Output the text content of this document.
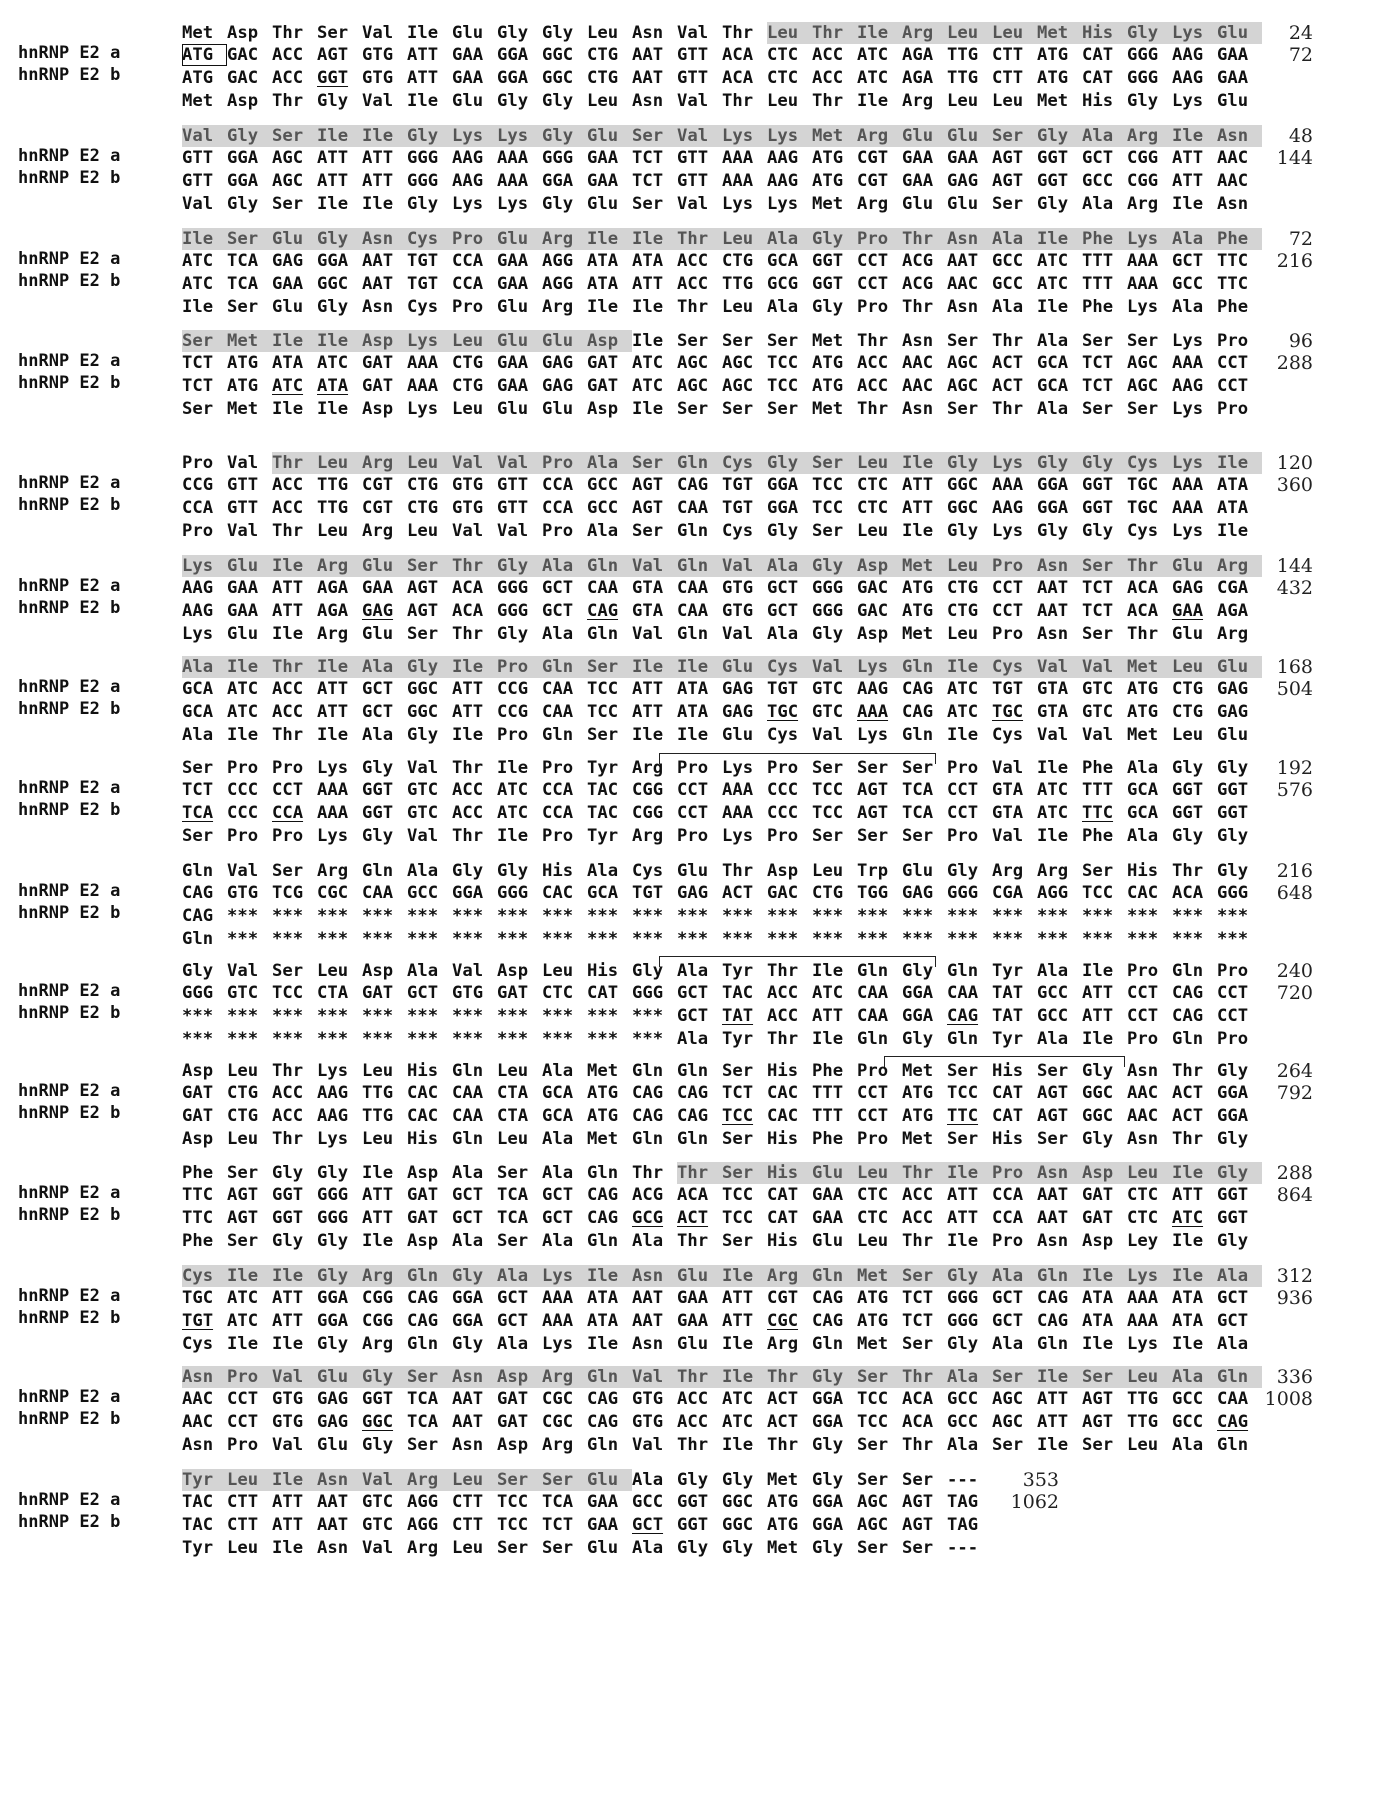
hnRNP E2 a
hnRNP E2 b
Met Asp Thr Ser Val Ile Glu Gly Gly Leu Asn Val Thr Leu Thr Ile Arg Leu Leu Met His Gly Lys Glu
ATG GAC ACC AGT GTG ATT GAA GGA GGC CTG AAT GTT ACA CTC ACC ATC AGA TTG CTT ATG CAT GGG AAG GAA
ATG GAC ACC GGT GTG ATT GAA GGA GGC CTG AAT GTT ACA CTC ACC ATC AGA TTG CTT ATG CAT GGG AAG GAA
Met Asp Thr Gly Val Ile Glu Gly Gly Leu Asn Val Thr Leu Thr Ile Arg Leu Leu Met His Gly Lys Glu
24
72
hnRNP E2 a
hnRNP E2 b
Val Gly Ser Ile Ile Gly Lys Lys Gly Glu Ser Val Lys Lys Met Arg Glu Glu Ser Gly Ala Arg Ile Asn
GTT GGA AGC ATT ATT GGG AAG AAA GGG GAA TCT GTT AAA AAG ATG CGT GAA GAA AGT GGT GCT CGG ATT AAC
GTT GGA AGC ATT ATT GGG AAG AAA GGA GAA TCT GTT AAA AAG ATG CGT GAA GAG AGT GGT GCC CGG ATT AAC
Val Gly Ser Ile Ile Gly Lys Lys Gly Glu Ser Val Lys Lys Met Arg Glu Glu Ser Gly Ala Arg Ile Asn
48
144
hnRNP E2 a
hnRNP E2 b
Ile Ser Glu Gly Asn Cys Pro Glu Arg Ile Ile Thr Leu Ala Gly Pro Thr Asn Ala Ile Phe Lys Ala Phe
ATC TCA GAG GGA AAT TGT CCA GAA AGG ATA ATA ACC CTG GCA GGT CCT ACG AAT GCC ATC TTT AAA GCT TTC
ATC TCA GAA GGC AAT TGT CCA GAA AGG ATA ATT ACC TTG GCG GGT CCT ACG AAC GCC ATC TTT AAA GCC TTC
Ile Ser Glu Gly Asn Cys Pro Glu Arg Ile Ile Thr Leu Ala Gly Pro Thr Asn Ala Ile Phe Lys Ala Phe
72
216
hnRNP E2 a
hnRNP E2 b
Ser Met Ile Ile Asp Lys Leu Glu Glu Asp Ile Ser Ser Ser Met Thr Asn Ser Thr Ala Ser Ser Lys Pro
TCT ATG ATA ATC GAT AAA CTG GAA GAG GAT ATC AGC AGC TCC ATG ACC AAC AGC ACT GCA TCT AGC AAA CCT
TCT ATG ATC ATA GAT AAA CTG GAA GAG GAT ATC AGC AGC TCC ATG ACC AAC AGC ACT GCA TCT AGC AAG CCT
Ser Met Ile Ile Asp Lys Leu Glu Glu Asp Ile Ser Ser Ser Met Thr Asn Ser Thr Ala Ser Ser Lys Pro
96
288
hnRNP E2 a
hnRNP E2 b
Pro Val Thr Leu Arg Leu Val Val Pro Ala Ser Gln Cys Gly Ser Leu Ile Gly Lys Gly Gly Cys Lys Ile
CCG GTT ACC TTG CGT CTG GTG GTT CCA GCC AGT CAG TGT GGA TCC CTC ATT GGC AAA GGA GGT TGC AAA ATA
CCA GTT ACC TTG CGT CTG GTG GTT CCA GCC AGT CAA TGT GGA TCC CTC ATT GGC AAG GGA GGT TGC AAA ATA
Pro Val Thr Leu Arg Leu Val Val Pro Ala Ser Gln Cys Gly Ser Leu Ile Gly Lys Gly Gly Cys Lys Ile
120
360
hnRNP E2 a
hnRNP E2 b
Lys Glu Ile Arg Glu Ser Thr Gly Ala Gln Val Gln Val Ala Gly Asp Met Leu Pro Asn Ser Thr Glu Arg
AAG GAA ATT AGA GAA AGT ACA GGG GCT CAA GTA CAA GTG GCT GGG GAC ATG CTG CCT AAT TCT ACA GAG CGA
AAG GAA ATT AGA GAG AGT ACA GGG GCT CAG GTA CAA GTG GCT GGG GAC ATG CTG CCT AAT TCT ACA GAA AGA
Lys Glu Ile Arg Glu Ser Thr Gly Ala Gln Val Gln Val Ala Gly Asp Met Leu Pro Asn Ser Thr Glu Arg
144
432
hnRNP E2 a
hnRNP E2 b
Ala Ile Thr Ile Ala Gly Ile Pro Gln Ser Ile Ile Glu Cys Val Lys Gln Ile Cys Val Val Met Leu Glu
GCA ATC ACC ATT GCT GGC ATT CCG CAA TCC ATT ATA GAG TGT GTC AAG CAG ATC TGT GTA GTC ATG CTG GAG
GCA ATC ACC ATT GCT GGC ATT CCG CAA TCC ATT ATA GAG TGC GTC AAA CAG ATC TGC GTA GTC ATG CTG GAG
Ala Ile Thr Ile Ala Gly Ile Pro Gln Ser Ile Ile Glu Cys Val Lys Gln Ile Cys Val Val Met Leu Glu
168
504
hnRNP E2 a
hnRNP E2 b
Ser Pro Pro Lys Gly Val Thr Ile Pro Tyr Arg Pro Lys Pro Ser Ser Ser Pro Val Ile Phe Ala Gly Gly
TCT CCC CCT AAA GGT GTC ACC ATC CCA TAC CGG CCT AAA CCC TCC AGT TCA CCT GTA ATC TTT GCA GGT GGT
TCA CCC CCA AAA GGT GTC ACC ATC CCA TAC CGG CCT AAA CCC TCC AGT TCA CCT GTA ATC TTC GCA GGT GGT
Ser Pro Pro Lys Gly Val Thr Ile Pro Tyr Arg Pro Lys Pro Ser Ser Ser Pro Val Ile Phe Ala Gly Gly
192
576
hnRNP E2 a
hnRNP E2 b
Gln Val Ser Arg Gln Ala Gly Gly His Ala Cys Glu Thr Asp Leu Trp Glu Gly Arg Arg Ser His Thr Gly
CAG GTG TCG CGC CAA GCC GGA GGG CAC GCA TGT GAG ACT GAC CTG TGG GAG GGG CGA AGG TCC CAC ACA GGG
CAG *** *** *** *** *** *** *** *** *** *** *** *** *** *** *** *** *** *** *** *** *** *** ***
Gln *** *** *** *** *** *** *** *** *** *** *** *** *** *** *** *** *** *** *** *** *** *** ***
216
648
hnRNP E2 a
hnRNP E2 b
Gly Val Ser Leu Asp Ala Val Asp Leu His Gly Ala Tyr Thr Ile Gln Gly Gln Tyr Ala Ile Pro Gln Pro
GGG GTC TCC CTA GAT GCT GTG GAT CTC CAT GGG GCT TAC ACC ATC CAA GGA CAA TAT GCC ATT CCT CAG CCT
*** *** *** *** *** *** *** *** *** *** *** GCT TAT ACC ATT CAA GGA CAG TAT GCC ATT CCT CAG CCT
*** *** *** *** *** *** *** *** *** *** *** Ala Tyr Thr Ile Gln Gly Gln Tyr Ala Ile Pro Gln Pro
240
720
hnRNP E2 a
hnRNP E2 b
Asp Leu Thr Lys Leu His Gln Leu Ala Met Gln Gln Ser His Phe Pro Met Ser His Ser Gly Asn Thr Gly
GAT CTG ACC AAG TTG CAC CAA CTA GCA ATG CAG CAG TCT CAC TTT CCT ATG TCC CAT AGT GGC AAC ACT GGA
GAT CTG ACC AAG TTG CAC CAA CTA GCA ATG CAG CAG TCC CAC TTT CCT ATG TTC CAT AGT GGC AAC ACT GGA
Asp Leu Thr Lys Leu His Gln Leu Ala Met Gln Gln Ser His Phe Pro Met Ser His Ser Gly Asn Thr Gly
264
792
hnRNP E2 a
hnRNP E2 b
Phe Ser Gly Gly Ile Asp Ala Ser Ala Gln Thr Thr Ser His Glu Leu Thr Ile Pro Asn Asp Leu Ile Gly
TTC AGT GGT GGG ATT GAT GCT TCA GCT CAG ACG ACA TCC CAT GAA CTC ACC ATT CCA AAT GAT CTC ATT GGT
TTC AGT GGT GGG ATT GAT GCT TCA GCT CAG GCG ACT TCC CAT GAA CTC ACC ATT CCA AAT GAT CTC ATC GGT
Phe Ser Gly Gly Ile Asp Ala Ser Ala Gln Ala Thr Ser His Glu Leu Thr Ile Pro Asn Asp Ley Ile Gly
288
864
hnRNP E2 a
hnRNP E2 b
Cys Ile Ile Gly Arg Gln Gly Ala Lys Ile Asn Glu Ile Arg Gln Met Ser Gly Ala Gln Ile Lys Ile Ala
TGC ATC ATT GGA CGG CAG GGA GCT AAA ATA AAT GAA ATT CGT CAG ATG TCT GGG GCT CAG ATA AAA ATA GCT
TGT ATC ATT GGA CGG CAG GGA GCT AAA ATA AAT GAA ATT CGC CAG ATG TCT GGG GCT CAG ATA AAA ATA GCT
Cys Ile Ile Gly Arg Gln Gly Ala Lys Ile Asn Glu Ile Arg Gln Met Ser Gly Ala Gln Ile Lys Ile Ala
312
936
hnRNP E2 a
hnRNP E2 b
Asn Pro Val Glu Gly Ser Asn Asp Arg Gln Val Thr Ile Thr Gly Ser Thr Ala Ser Ile Ser Leu Ala Gln
AAC CCT GTG GAG GGT TCA AAT GAT CGC CAG GTG ACC ATC ACT GGA TCC ACA GCC AGC ATT AGT TTG GCC CAA
AAC CCT GTG GAG GGC TCA AAT GAT CGC CAG GTG ACC ATC ACT GGA TCC ACA GCC AGC ATT AGT TTG GCC CAG
Asn Pro Val Glu Gly Ser Asn Asp Arg Gln Val Thr Ile Thr Gly Ser Thr Ala Ser Ile Ser Leu Ala Gln
336
1008
hnRNP E2 a
hnRNP E2 b
Tyr Leu Ile Asn Val Arg Leu Ser Ser Glu Ala Gly Gly Met Gly Ser Ser ---
TAC CTT ATT AAT GTC AGG CTT TCC TCA GAA GCC GGT GGC ATG GGA AGC AGT TAG
TAC CTT ATT AAT GTC AGG CTT TCC TCT GAA GCT GGT GGC ATG GGA AGC AGT TAG
Tyr Leu Ile Asn Val Arg Leu Ser Ser Glu Ala Gly Gly Met Gly Ser Ser ---
353
1062
